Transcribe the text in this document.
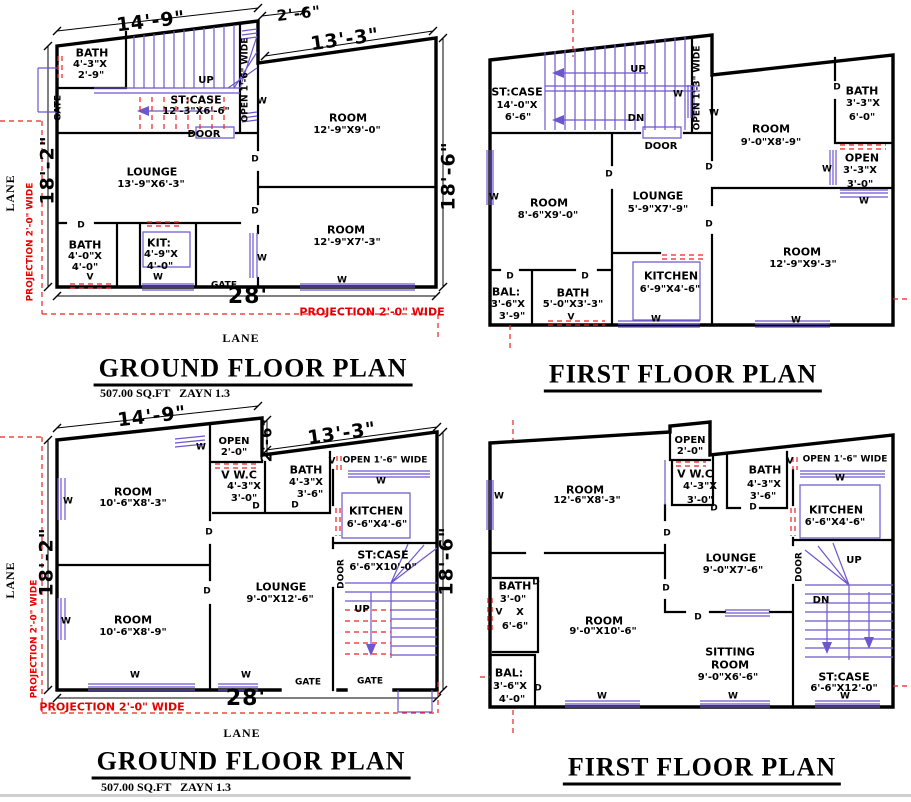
14'-9"	2'-6"
13'-3"
18'-6"
18'-2"
28'
PROJECTION 2'-0" WIDE
PROJECTION 2'-0" WIDE
LANE
LANE
BATH
4'-3"X
2'-9"
GATE	ST:CASE
12'-3"X6'-6"
UP
DOOR
OPEN 1'-6" WIDE W
D
D
W
ROOM
12'-9"X9'-0"
LOUNGE
13'-9"X6'-3"
D
BATH
4'-0"X
4'-0"
V
KIT:
4'-9"X
4'-0"
W
ROOM
12'-9"X7'-3"
W
GATE
GROUND FLOOR PLAN
507.00 SQ.FT   ZAYN 1.3
ST:CASE
14'-0"X
6'-6"
UP
DN
DOOR
OPEN 1'-3" WIDE
W
W
D
ROOM
9'-0"X8'-9"
BATH
3'-3"X
6'-0"
OPEN
3'-3"X
3'-0"
W
W
ROOM
8'-6"X9'-0"
W
D
LOUNGE
5'-9"X7'-9"
KITCHEN
6'-9"X4'-6"
ROOM
12'-9"X9'-3"
D
D
BAL:
3'-6"X
3'-9"
BATH
5'-0"X3'-3"
V
D	D
W	W
FIRST FLOOR PLAN
14'-9"
2'-6" 13'-3"
18'-6"
18'-2"
28'
PROJECTION 2'-0" WIDE
PROJECTION 2'-0" WIDE
LANE
LANE
ROOM
10'-6"X8'-3"
W
W
W
OPEN
2'-0"
V W.C
4'-3"X
3'-0"
D
BATH
4'-3"X
3'-6"
D
V OPEN 1'-6" WIDE
W
KITCHEN
6'-6"X4'-6"
ST:CASE
6'-6"X10'-0"
DOOR
UP
LOUNGE
9'-0"X12'-6"
ROOM
10'-6"X8'-9"
D
D
W	W
GATE	GATE
GROUND FLOOR PLAN
507.00 SQ.FT   ZAYN 1.3
ROOM
12'-6"X8'-3"
W
OPEN
2'-0"
V W.C
4'-3"X
3'-0"
D
BATH
4'-3"X
3'-6"
D
V OPEN 1'-6" WIDE
W
KITCHEN
6'-6"X4'-6"
LOUNGE
9'-0"X7'-6"	DOOR	UP
DN
ST:CASE
6'-6"X12'-0"
BATH
3'-0"
X
6'-6"
V
D
BAL:
3'-6"X
4'-0"
D
ROOM
9'-0"X10'-6"
SITTING
ROOM
9'-0"X6'-6"
D
D
D
W	W	W
FIRST FLOOR PLAN
